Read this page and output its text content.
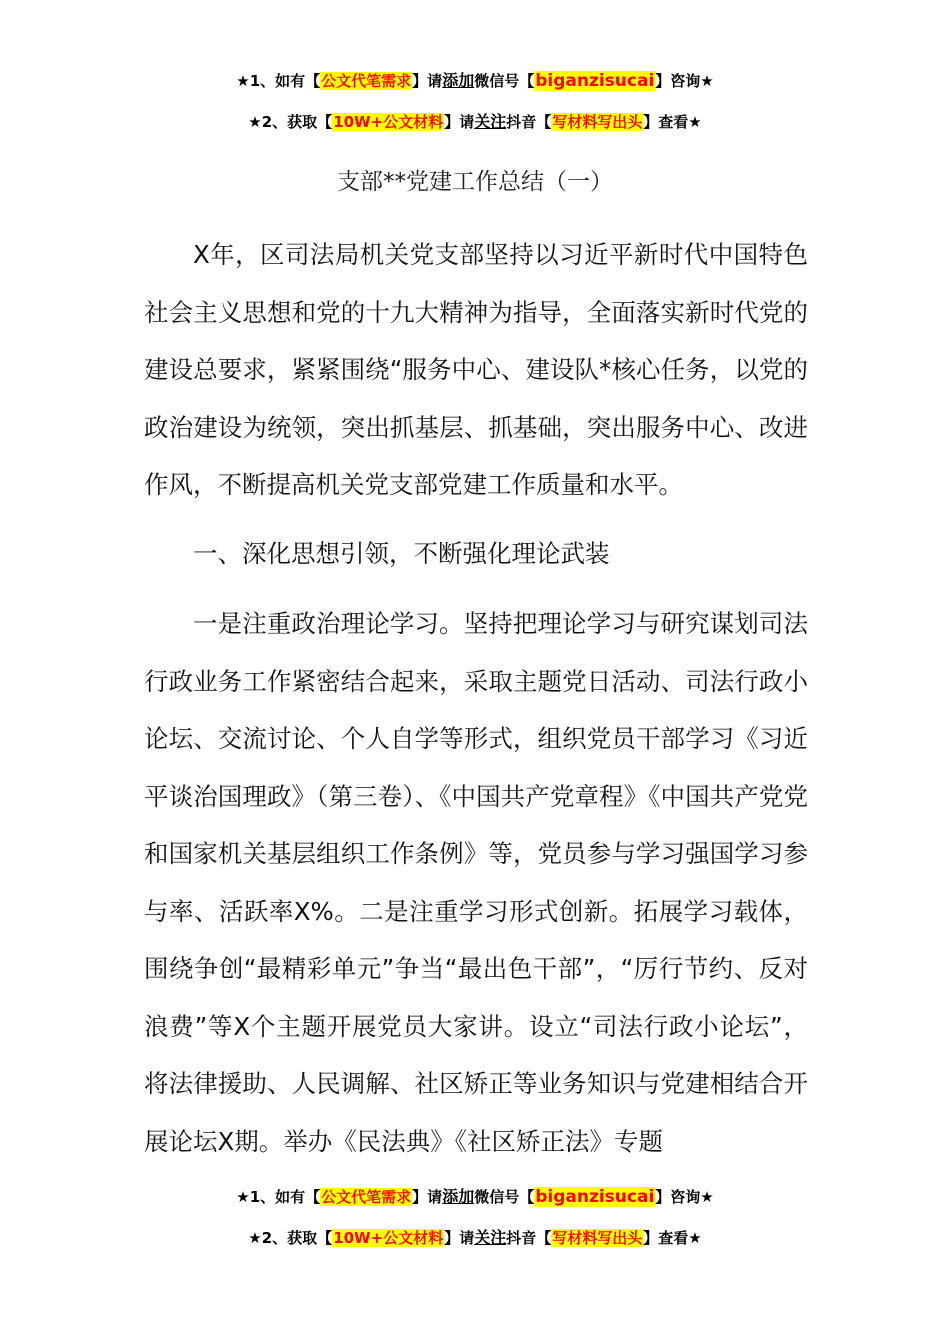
★1、如有【公文代笔需求】请添加微信号【biganzisucai】咨询★
★2、获取【10W+公文材料】请关注抖音【写材料写出头】查看★
支部**党建工作总结（一）

X年，区司法局机关党支部坚持以习近平新时代中国特色社会主义思想和党的十九大精神为指导，全面落实新时代党的建设总要求，紧紧围绕“服务中心、建设队*核心任务，以党的政治建设为统领，突出抓基层、抓基础，突出服务中心、改进作风，不断提高机关党支部党建工作质量和水平。

一、深化思想引领，不断强化理论武装

一是注重政治理论学习。坚持把理论学习与研究谋划司法行政业务工作紧密结合起来，采取主题党日活动、司法行政小论坛、交流讨论、个人自学等形式，组织党员干部学习《习近平谈治国理政》（第三卷）、《中国共产党章程》《中国共产党党和国家机关基层组织工作条例》等，党员参与学习强国学习参与率、活跃率X%。二是注重学习形式创新。拓展学习载体，围绕争创“最精彩单元”争当“最出色干部”，“厉行节约、反对浪费”等X个主题开展党员大家讲。设立“司法行政小论坛”，将法律援助、人民调解、社区矫正等业务知识与党建相结合开展论坛X期。举办《民法典》《社区矫正法》专题

★1、如有【公文代笔需求】请添加微信号【biganzisucai】咨询★
★2、获取【10W+公文材料】请关注抖音【写材料写出头】查看★
